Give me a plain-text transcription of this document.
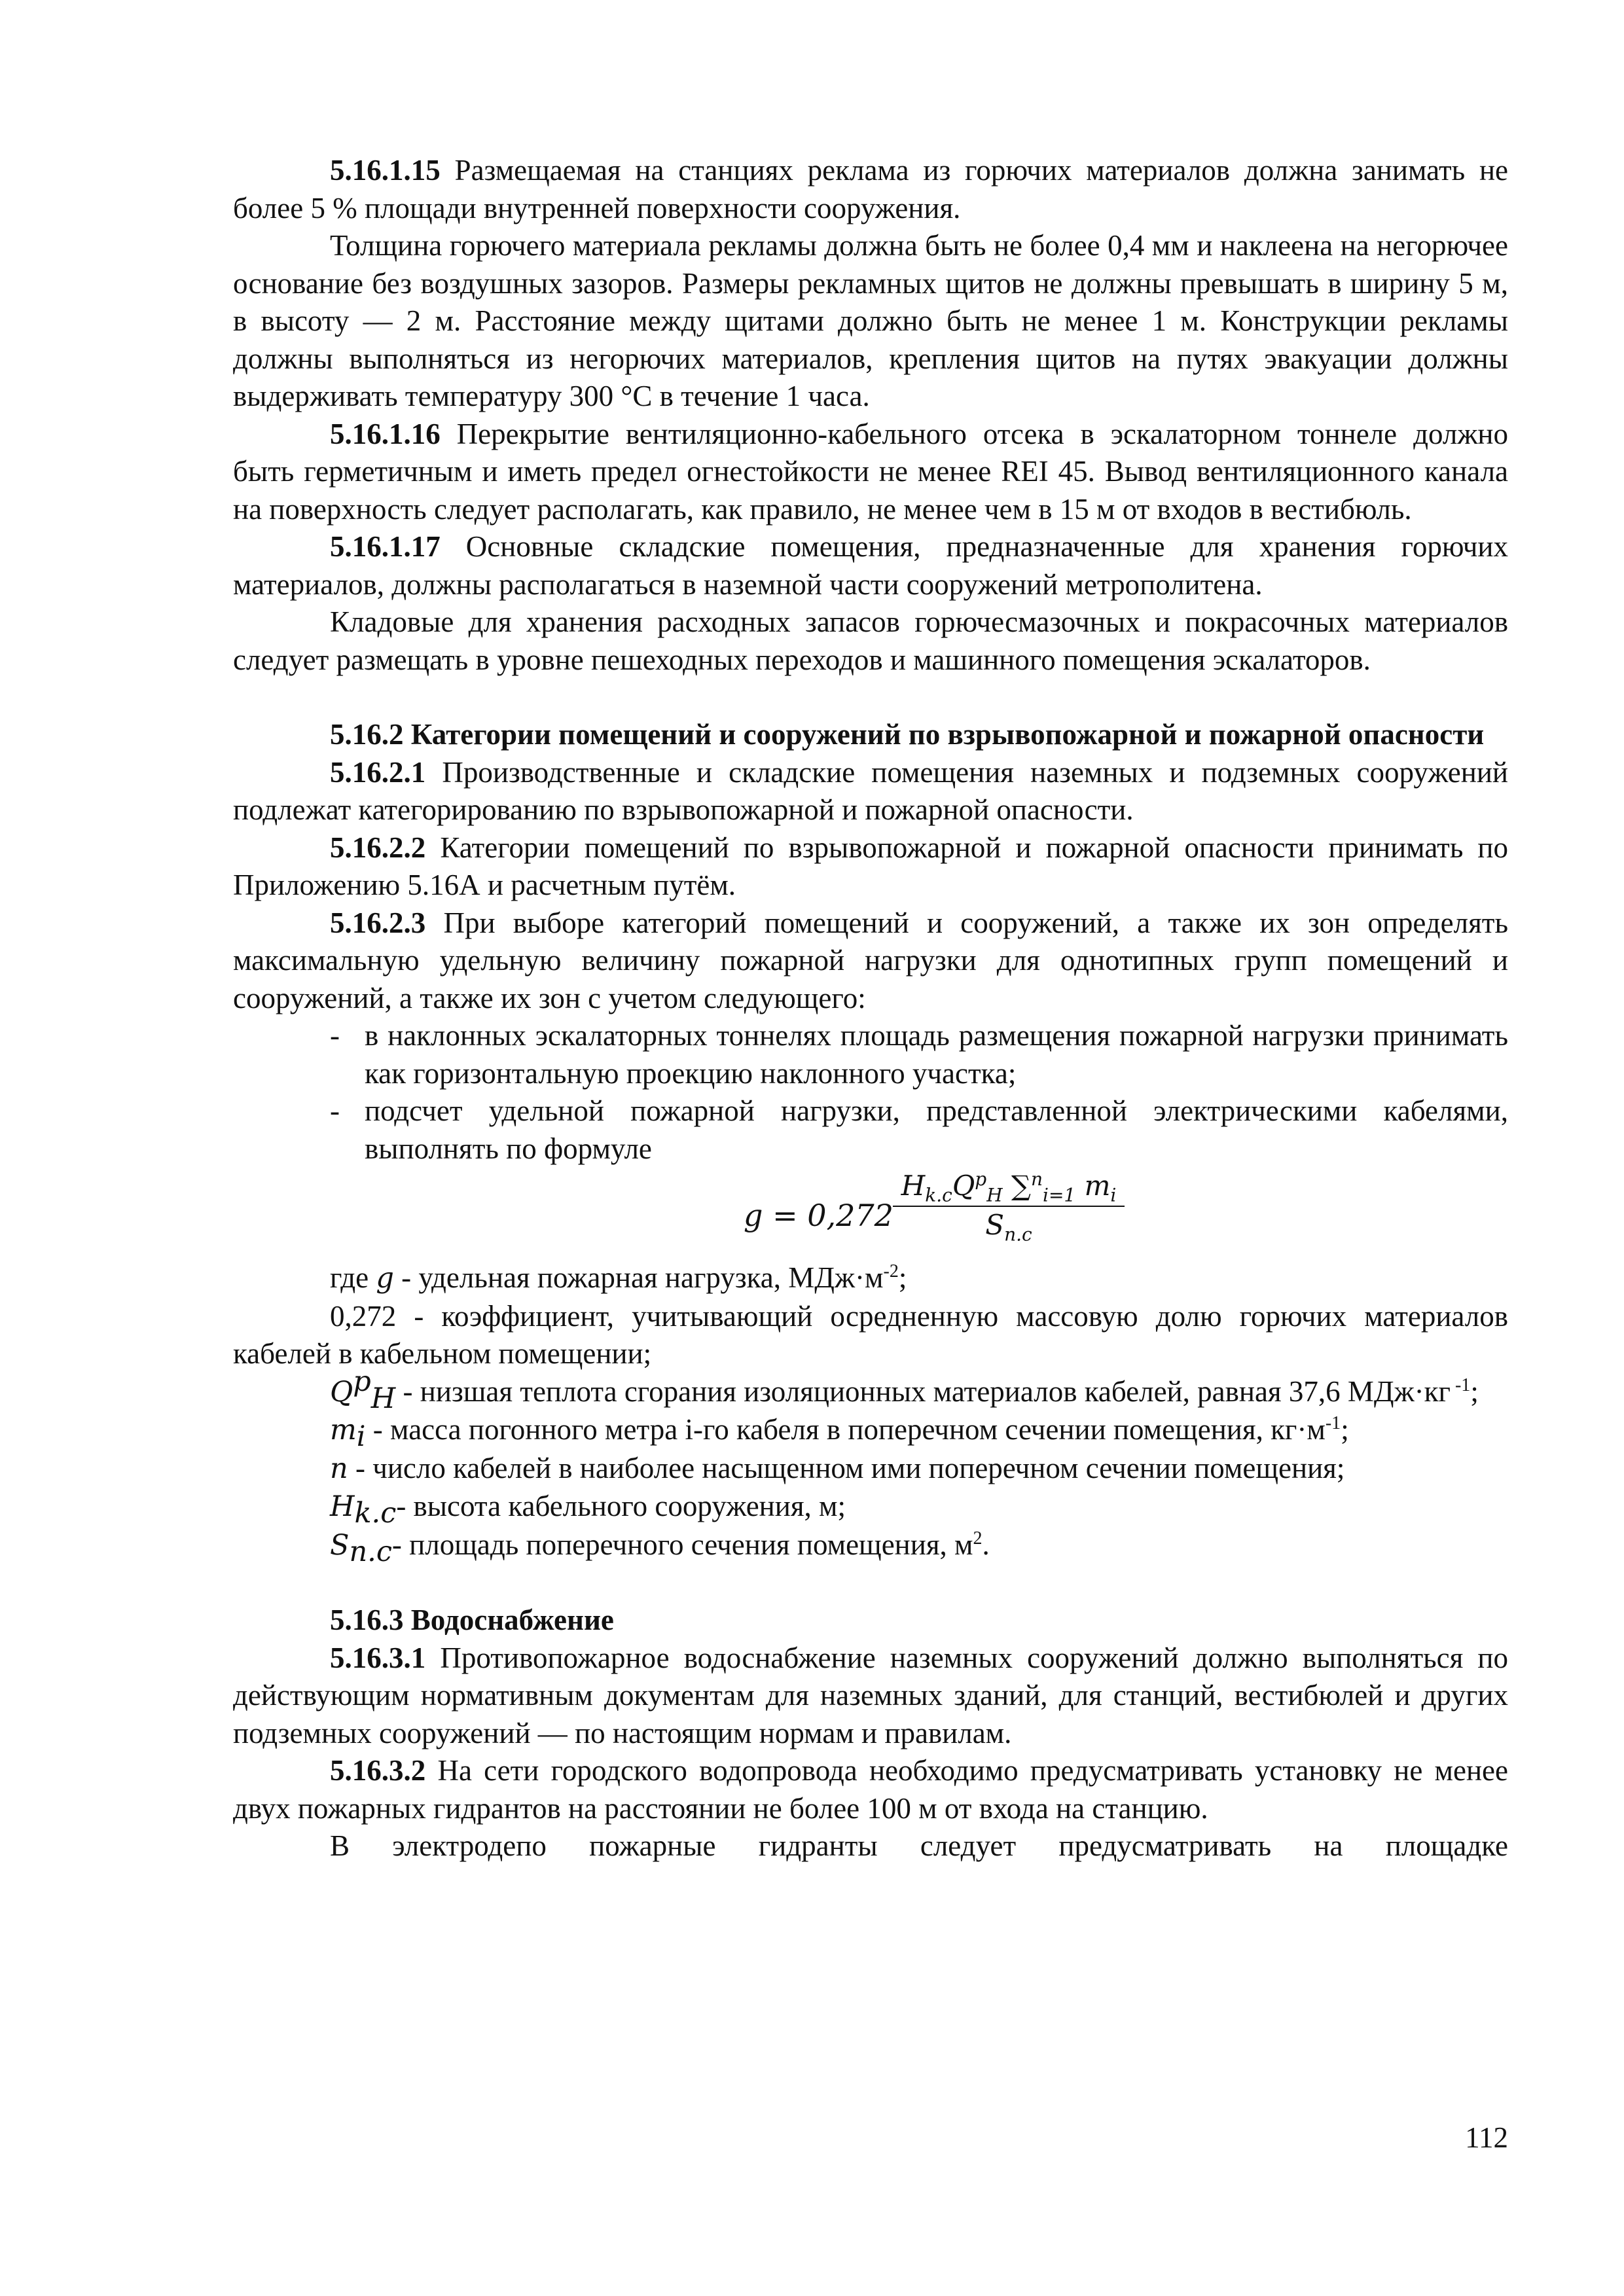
5.16.1.15 Размещаемая на станциях реклама из горючих материалов должна занимать не более 5 % площади внутренней поверхности сооружения.

Толщина горючего материала рекламы должна быть не более 0,4 мм и наклеена на негорючее основание без воздушных зазоров. Размеры рекламных щитов не должны превышать в ширину 5 м, в высоту — 2 м. Расстояние между щитами должно быть не менее 1 м. Конструкции рекламы должны выполняться из негорючих материалов, крепления щитов на путях эвакуации должны выдерживать температуру 300 °С в течение 1 часа.

5.16.1.16 Перекрытие вентиляционно-кабельного отсека в эскалаторном тоннеле должно быть герметичным и иметь предел огнестойкости не менее REI 45. Вывод вентиляционного канала на поверхность следует располагать, как правило, не менее чем в 15 м от входов в вестибюль.

5.16.1.17 Основные складские помещения, предназначенные для хранения горючих материалов, должны располагаться в наземной части сооружений метрополитена.

Кладовые для хранения расходных запасов горючесмазочных и покрасочных материалов следует размещать в уровне пешеходных переходов и машинного помещения эскалаторов.

5.16.2 Категории помещений и сооружений по взрывопожарной и пожарной опасности

5.16.2.1 Производственные и складские помещения наземных и подземных сооружений подлежат категорированию по взрывопожарной и пожарной опасности.

5.16.2.2 Категории помещений по взрывопожарной и пожарной опасности принимать по Приложению 5.16А и расчетным путём.

5.16.2.3 При выборе категорий помещений и сооружений, а также их зон определять максимальную удельную величину пожарной нагрузки для однотипных групп помещений и сооружений, а также их зон с учетом следующего:

- в наклонных эскалаторных тоннелях площадь размещения пожарной нагрузки принимать как горизонтальную проекцию наклонного участка;
- подсчет удельной пожарной нагрузки, представленной электрическими кабелями, выполнять по формуле
g = 0,272
$H_{k.c}Q^p_H$ ∑$^n_{i=1}$ $m_i$
$S_{п.с}$

где g - удельная пожарная нагрузка, $МДж\cdot м^{-2}$;

0,272 - коэффициент, учитывающий осредненную массовую долю горючих материалов кабелей в кабельном помещении;

$Q^p_H$ - низшая теплота сгорания изоляционных материалов кабелей, равная 37,6 МДж·кг $^{-1}$;

$m_i$ - масса погонного метра i-го кабеля в поперечном сечении помещения, $кг\cdot м^{-1}$;

n - число кабелей в наиболее насыщенном ими поперечном сечении помещения;

$H_{k.c}-$ высота кабельного сооружения, м;

$S_{п.с}-$ площадь поперечного сечения помещения, $м^2$.

5.16.3 Водоснабжение

5.16.3.1 Противопожарное водоснабжение наземных сооружений должно выполняться по действующим нормативным документам для наземных зданий, для станций, вестибюлей и других подземных сооружений — по настоящим нормам и правилам.

5.16.3.2 На сети городского водопровода необходимо предусматривать установку не менее двух пожарных гидрантов на расстоянии не более 100 м от входа на станцию.

В электродепо пожарные гидранты следует предусматривать на площадке

112
